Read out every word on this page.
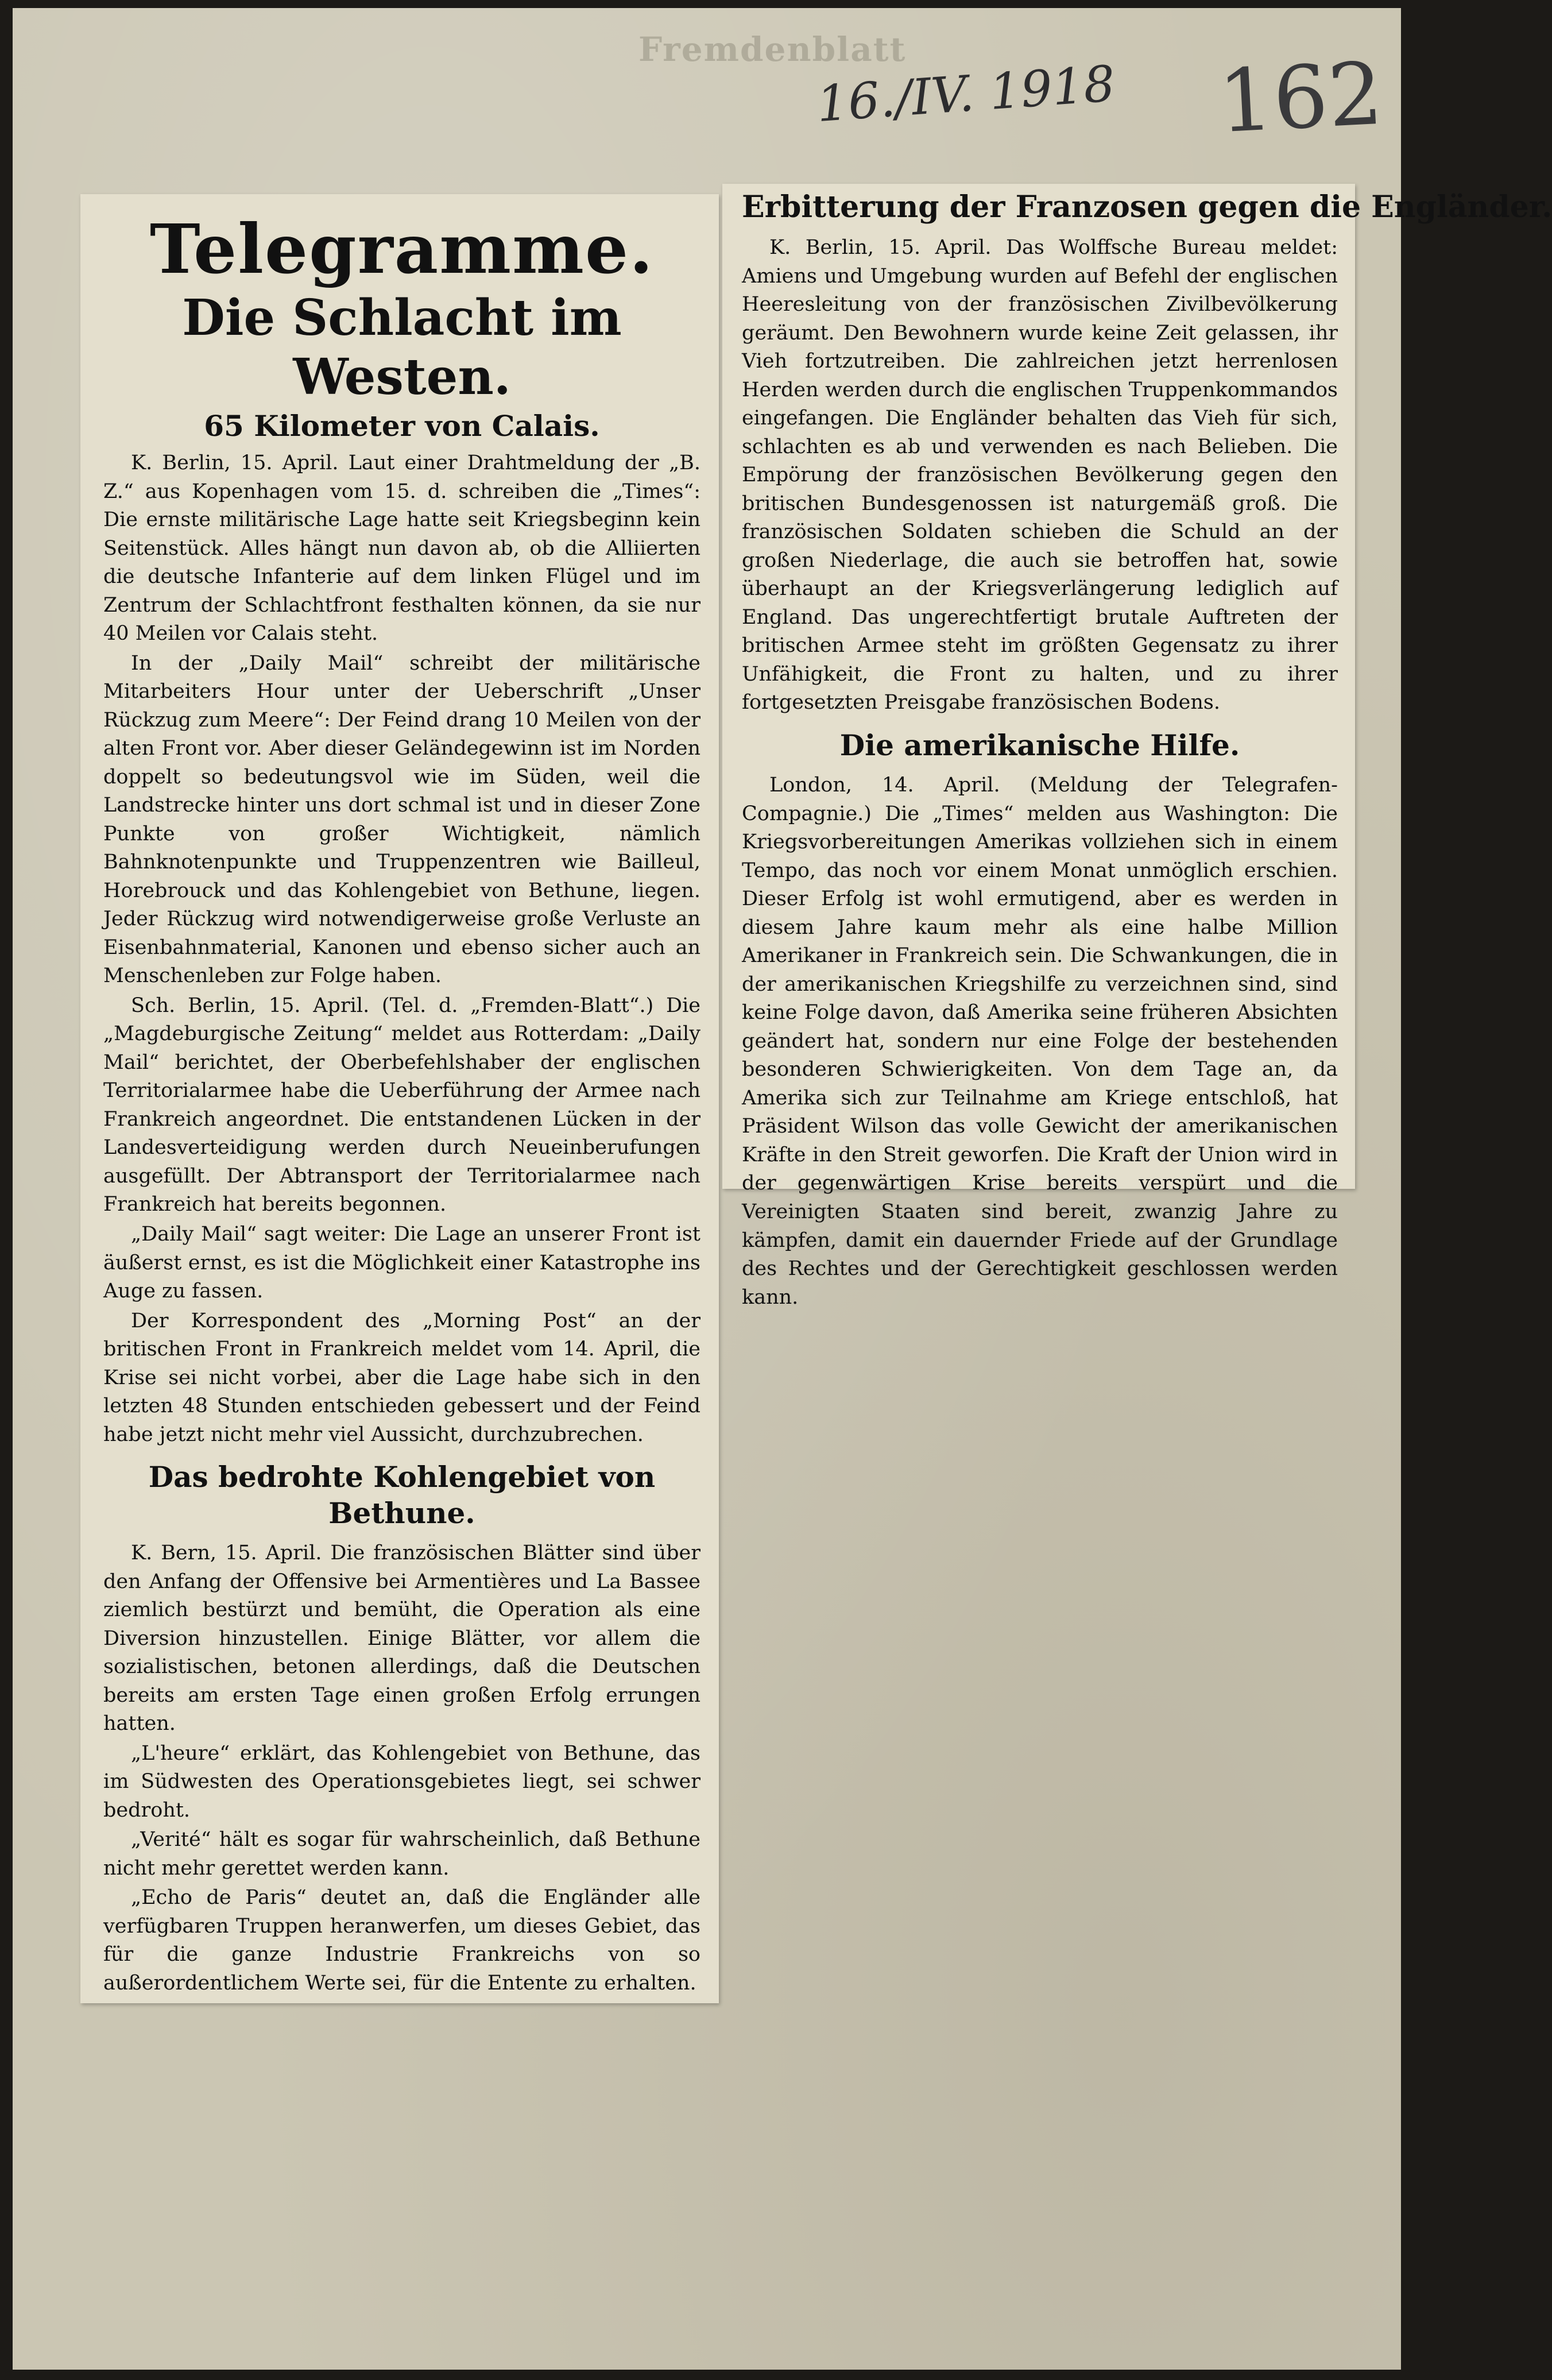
Fremdenblatt
16./IV. 1918 162
Telegramme.
Die Schlacht im Westen.
65 Kilometer von Calais.

K. Berlin, 15. April. Laut einer Drahtmeldung der „B. Z.“ aus Kopenhagen vom 15. d. schreiben die „Times“: Die ernste militärische Lage hatte seit Kriegsbeginn kein Seitenstück. Alles hängt nun davon ab, ob die Alliierten die deutsche Infanterie auf dem linken Flügel und im Zentrum der Schlachtfront festhalten können, da sie nur 40 Meilen vor Calais steht.

In der „Daily Mail“ schreibt der militärische Mitarbeiters Hour unter der Ueberschrift „Unser Rückzug zum Meere“: Der Feind drang 10 Meilen von der alten Front vor. Aber dieser Geländegewinn ist im Norden doppelt so bedeutungsvol wie im Süden, weil die Landstrecke hinter uns dort schmal ist und in dieser Zone Punkte von großer Wichtigkeit, nämlich Bahnknotenpunkte und Truppenzentren wie Bailleul, Horebrouck und das Kohlengebiet von Bethune, liegen. Jeder Rückzug wird notwendigerweise große Verluste an Eisenbahnmaterial, Kanonen und ebenso sicher auch an Menschenleben zur Folge haben.

Sch. Berlin, 15. April. (Tel. d. „Fremden-Blatt“.) Die „Magdeburgische Zeitung“ meldet aus Rotterdam: „Daily Mail“ berichtet, der Oberbefehlshaber der englischen Territorialarmee habe die Ueberführung der Armee nach Frankreich angeordnet. Die entstandenen Lücken in der Landesverteidigung werden durch Neueinberufungen ausgefüllt. Der Abtransport der Territorialarmee nach Frankreich hat bereits begonnen.

„Daily Mail“ sagt weiter: Die Lage an unserer Front ist äußerst ernst, es ist die Möglichkeit einer Katastrophe ins Auge zu fassen.

Der Korrespondent des „Morning Post“ an der britischen Front in Frankreich meldet vom 14. April, die Krise sei nicht vorbei, aber die Lage habe sich in den letzten 48 Stunden entschieden gebessert und der Feind habe jetzt nicht mehr viel Aussicht, durchzubrechen.

Das bedrohte Kohlengebiet von Bethune.

K. Bern, 15. April. Die französischen Blätter sind über den Anfang der Offensive bei Armentières und La Bassee ziemlich bestürzt und bemüht, die Operation als eine Diversion hinzustellen. Einige Blätter, vor allem die sozialistischen, betonen allerdings, daß die Deutschen bereits am ersten Tage einen großen Erfolg errungen hatten.

„L'heure“ erklärt, das Kohlengebiet von Bethune, das im Südwesten des Operationsgebietes liegt, sei schwer bedroht.

„Verité“ hält es sogar für wahrscheinlich, daß Bethune nicht mehr gerettet werden kann.

„Echo de Paris“ deutet an, daß die Engländer alle verfügbaren Truppen heranwerfen, um dieses Gebiet, das für die ganze Industrie Frankreichs von so außerordentlichem Werte sei, für die Entente zu erhalten.

Erbitterung der Franzosen gegen die Engländer.

K. Berlin, 15. April. Das Wolffsche Bureau meldet: Amiens und Umgebung wurden auf Befehl der englischen Heeresleitung von der französischen Zivilbevölkerung geräumt. Den Bewohnern wurde keine Zeit gelassen, ihr Vieh fortzutreiben. Die zahlreichen jetzt herrenlosen Herden werden durch die englischen Truppenkommandos eingefangen. Die Engländer behalten das Vieh für sich, schlachten es ab und verwenden es nach Belieben. Die Empörung der französischen Bevölkerung gegen den britischen Bundesgenossen ist naturgemäß groß. Die französischen Soldaten schieben die Schuld an der großen Niederlage, die auch sie betroffen hat, sowie überhaupt an der Kriegsverlängerung lediglich auf England. Das ungerechtfertigt brutale Auftreten der britischen Armee steht im größten Gegensatz zu ihrer Unfähigkeit, die Front zu halten, und zu ihrer fortgesetzten Preisgabe französischen Bodens.

Die amerikanische Hilfe.

London, 14. April. (Meldung der Telegrafen-Compagnie.) Die „Times“ melden aus Washington: Die Kriegsvorbereitungen Amerikas vollziehen sich in einem Tempo, das noch vor einem Monat unmöglich erschien. Dieser Erfolg ist wohl ermutigend, aber es werden in diesem Jahre kaum mehr als eine halbe Million Amerikaner in Frankreich sein. Die Schwankungen, die in der amerikanischen Kriegshilfe zu verzeichnen sind, sind keine Folge davon, daß Amerika seine früheren Absichten geändert hat, sondern nur eine Folge der bestehenden besonderen Schwierigkeiten. Von dem Tage an, da Amerika sich zur Teilnahme am Kriege entschloß, hat Präsident Wilson das volle Gewicht der amerikanischen Kräfte in den Streit geworfen. Die Kraft der Union wird in der gegenwärtigen Krise bereits verspürt und die Vereinigten Staaten sind bereit, zwanzig Jahre zu kämpfen, damit ein dauernder Friede auf der Grundlage des Rechtes und der Gerechtigkeit geschlossen werden kann.
